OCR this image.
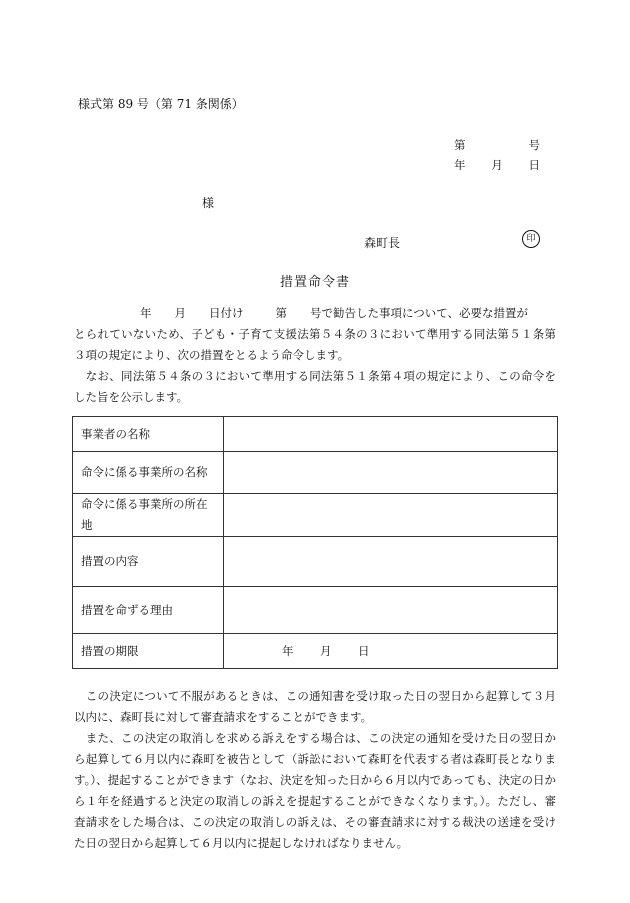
様式第 89 号（第 71 条関係）
第	号
年 月 日
様
森町長	印
措置命令書

年 月 日付け	第 号で勧告した事項について、必要な措置が
とられていないため、子ども・子育て支援法第５４条の３において準用する同法第５１条第３項の規定により、次の措置をとるよう命令します。

　なお、同法第５４条の３において準用する同法第５１条第４項の規定により、この命令をした旨を公示します。

事業者の名称	
命令に係る事業所の名称	
命令に係る事業所の所在地	
措置の内容	
措置を命ずる理由	
措置の期限	年 月 日

　この決定について不服があるときは、この通知書を受け取った日の翌日から起算して３月以内に、森町長に対して審査請求をすることができます。

　また、この決定の取消しを求める訴えをする場合は、この決定の通知を受けた日の翌日から起算して６月以内に森町を被告として（訴訟において森町を代表する者は森町長となります。）、提起することができます（なお、決定を知った日から６月以内であっても、決定の日から１年を経過すると決定の取消しの訴えを提起することができなくなります。）。ただし、審査請求をした場合は、この決定の取消しの訴えは、その審査請求に対する裁決の送達を受けた日の翌日から起算して６月以内に提起しなければなりません。
